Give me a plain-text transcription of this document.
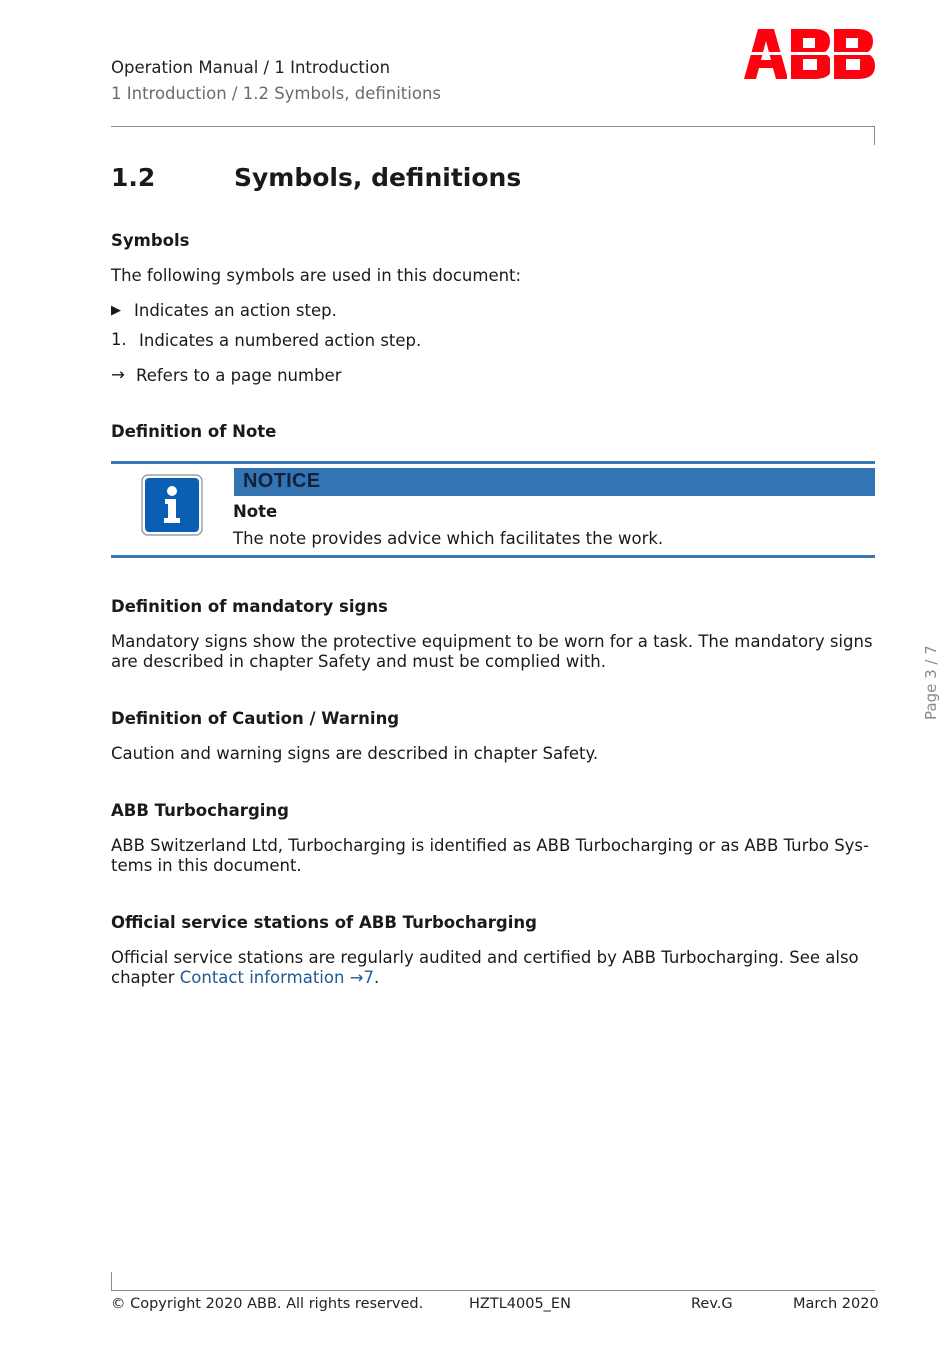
Operation Manual / 1 Introduction
1 Introduction / 1.2 Symbols, definitions
1.2	Symbols, definitions
Symbols
The following symbols are used in this document:
▶ Indicates an action step.
1. Indicates a numbered action step.
→ Refers to a page number
Definition of Note
NOTICE
Note
The note provides advice which facilitates the work.
Definition of mandatory signs
Mandatory signs show the protective equipment to be worn for a task. The mandatory signs
are described in chapter Safety and must be complied with.
Definition of Caution / Warning
Caution and warning signs are described in chapter Safety.
ABB Turbocharging
ABB Switzerland Ltd, Turbocharging is identified as ABB Turbocharging or as ABB Turbo Sys-
tems in this document.
Official service stations of ABB Turbocharging
Official service stations are regularly audited and certified by ABB Turbocharging. See also
chapter Contact information →7.
Page 3 / 7
© Copyright 2020 ABB. All rights reserved.	HZTL4005_EN	Rev.G	March 2020
